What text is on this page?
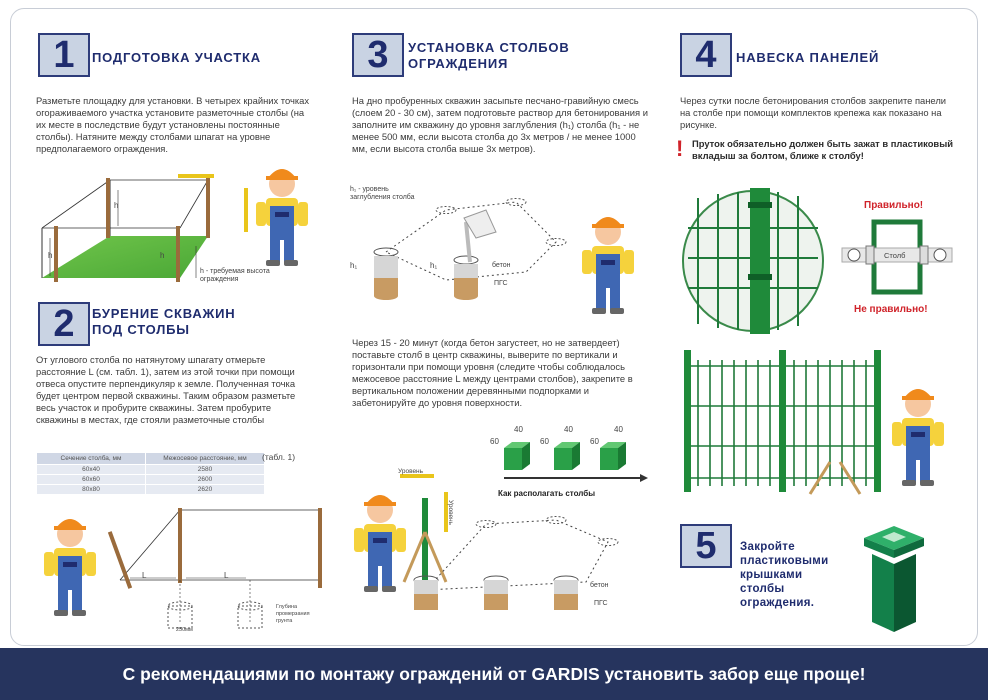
1	ПОДГОТОВКА УЧАСТКА
Разметьте площадку для установки. В четырех крайних точках огораживаемого участка установите разметочные столбы (на их месте в последствие будут установлены постоянные столбы). Натяните между столбами шпагат на уровне предполагаемого ограждения.
h
h
h
h - требуемая высота ограждения
2	БУРЕНИЕ СКВАЖИН
ПОД СТОЛБЫ
От углового столба по натянутому шпагату отмерьте расстояние L (см. табл. 1), затем из этой точки при помощи отвеса опустите перпендикуляр к земле. Полученная точка будет центром первой скважины. Таким образом разметьте весь участок и пробурите скважины. Затем пробурите скважины в местах, где стояли разметочные столбы
Сечение столба, мм	Межосевое расстояние, мм
60х40	2580
60х60	2600
80х80	2620
(табл. 1)
L	L
250мм
Глубина промерзания грунта
3	УСТАНОВКА СТОЛБОВ
ОГРАЖДЕНИЯ
На дно пробуренных скважин засыпьте песчано-гравийную смесь (слоем 20 - 30 см), затем подготовьте раствор для бетонирования и заполните им скважину до уровня заглубления (h₁) столба (h₁ - не менее 500 мм, если высота столба до 3х метров / не менее 1000 мм, если высота столба выше 3х метров).
h₁ - уровень заглубления столба
h₁	h₁	бетон
ПГС
Через 15 - 20 минут (когда бетон загустеет, но не затвердеет) поставьте столб в центр скважины, выверите по вертикали и горизонтали при помощи уровня (следите чтобы соблюдалось межосевое расстояние L между центрами столбов), закрепите в вертикальном положении деревянными подпорками и забетонируйте до уровня поверхности.
60
40
60
40
60
40
Как располагать столбы
Уровень
Уровень
бетон
ПГС
4	НАВЕСКА ПАНЕЛЕЙ
Через сутки после бетонирования столбов закрепите панели на столбе при помощи комплектов крепежа как показано на рисунке.
! Пруток обязательно должен быть зажат в пластиковый вкладыш за болтом, ближе к столбу!
Правильно!
Столб
Не правильно!
5	Закройте пластиковыми крышками столбы ограждения.
С рекомендациями по монтажу ограждений от GARDIS установить забор еще проще!
